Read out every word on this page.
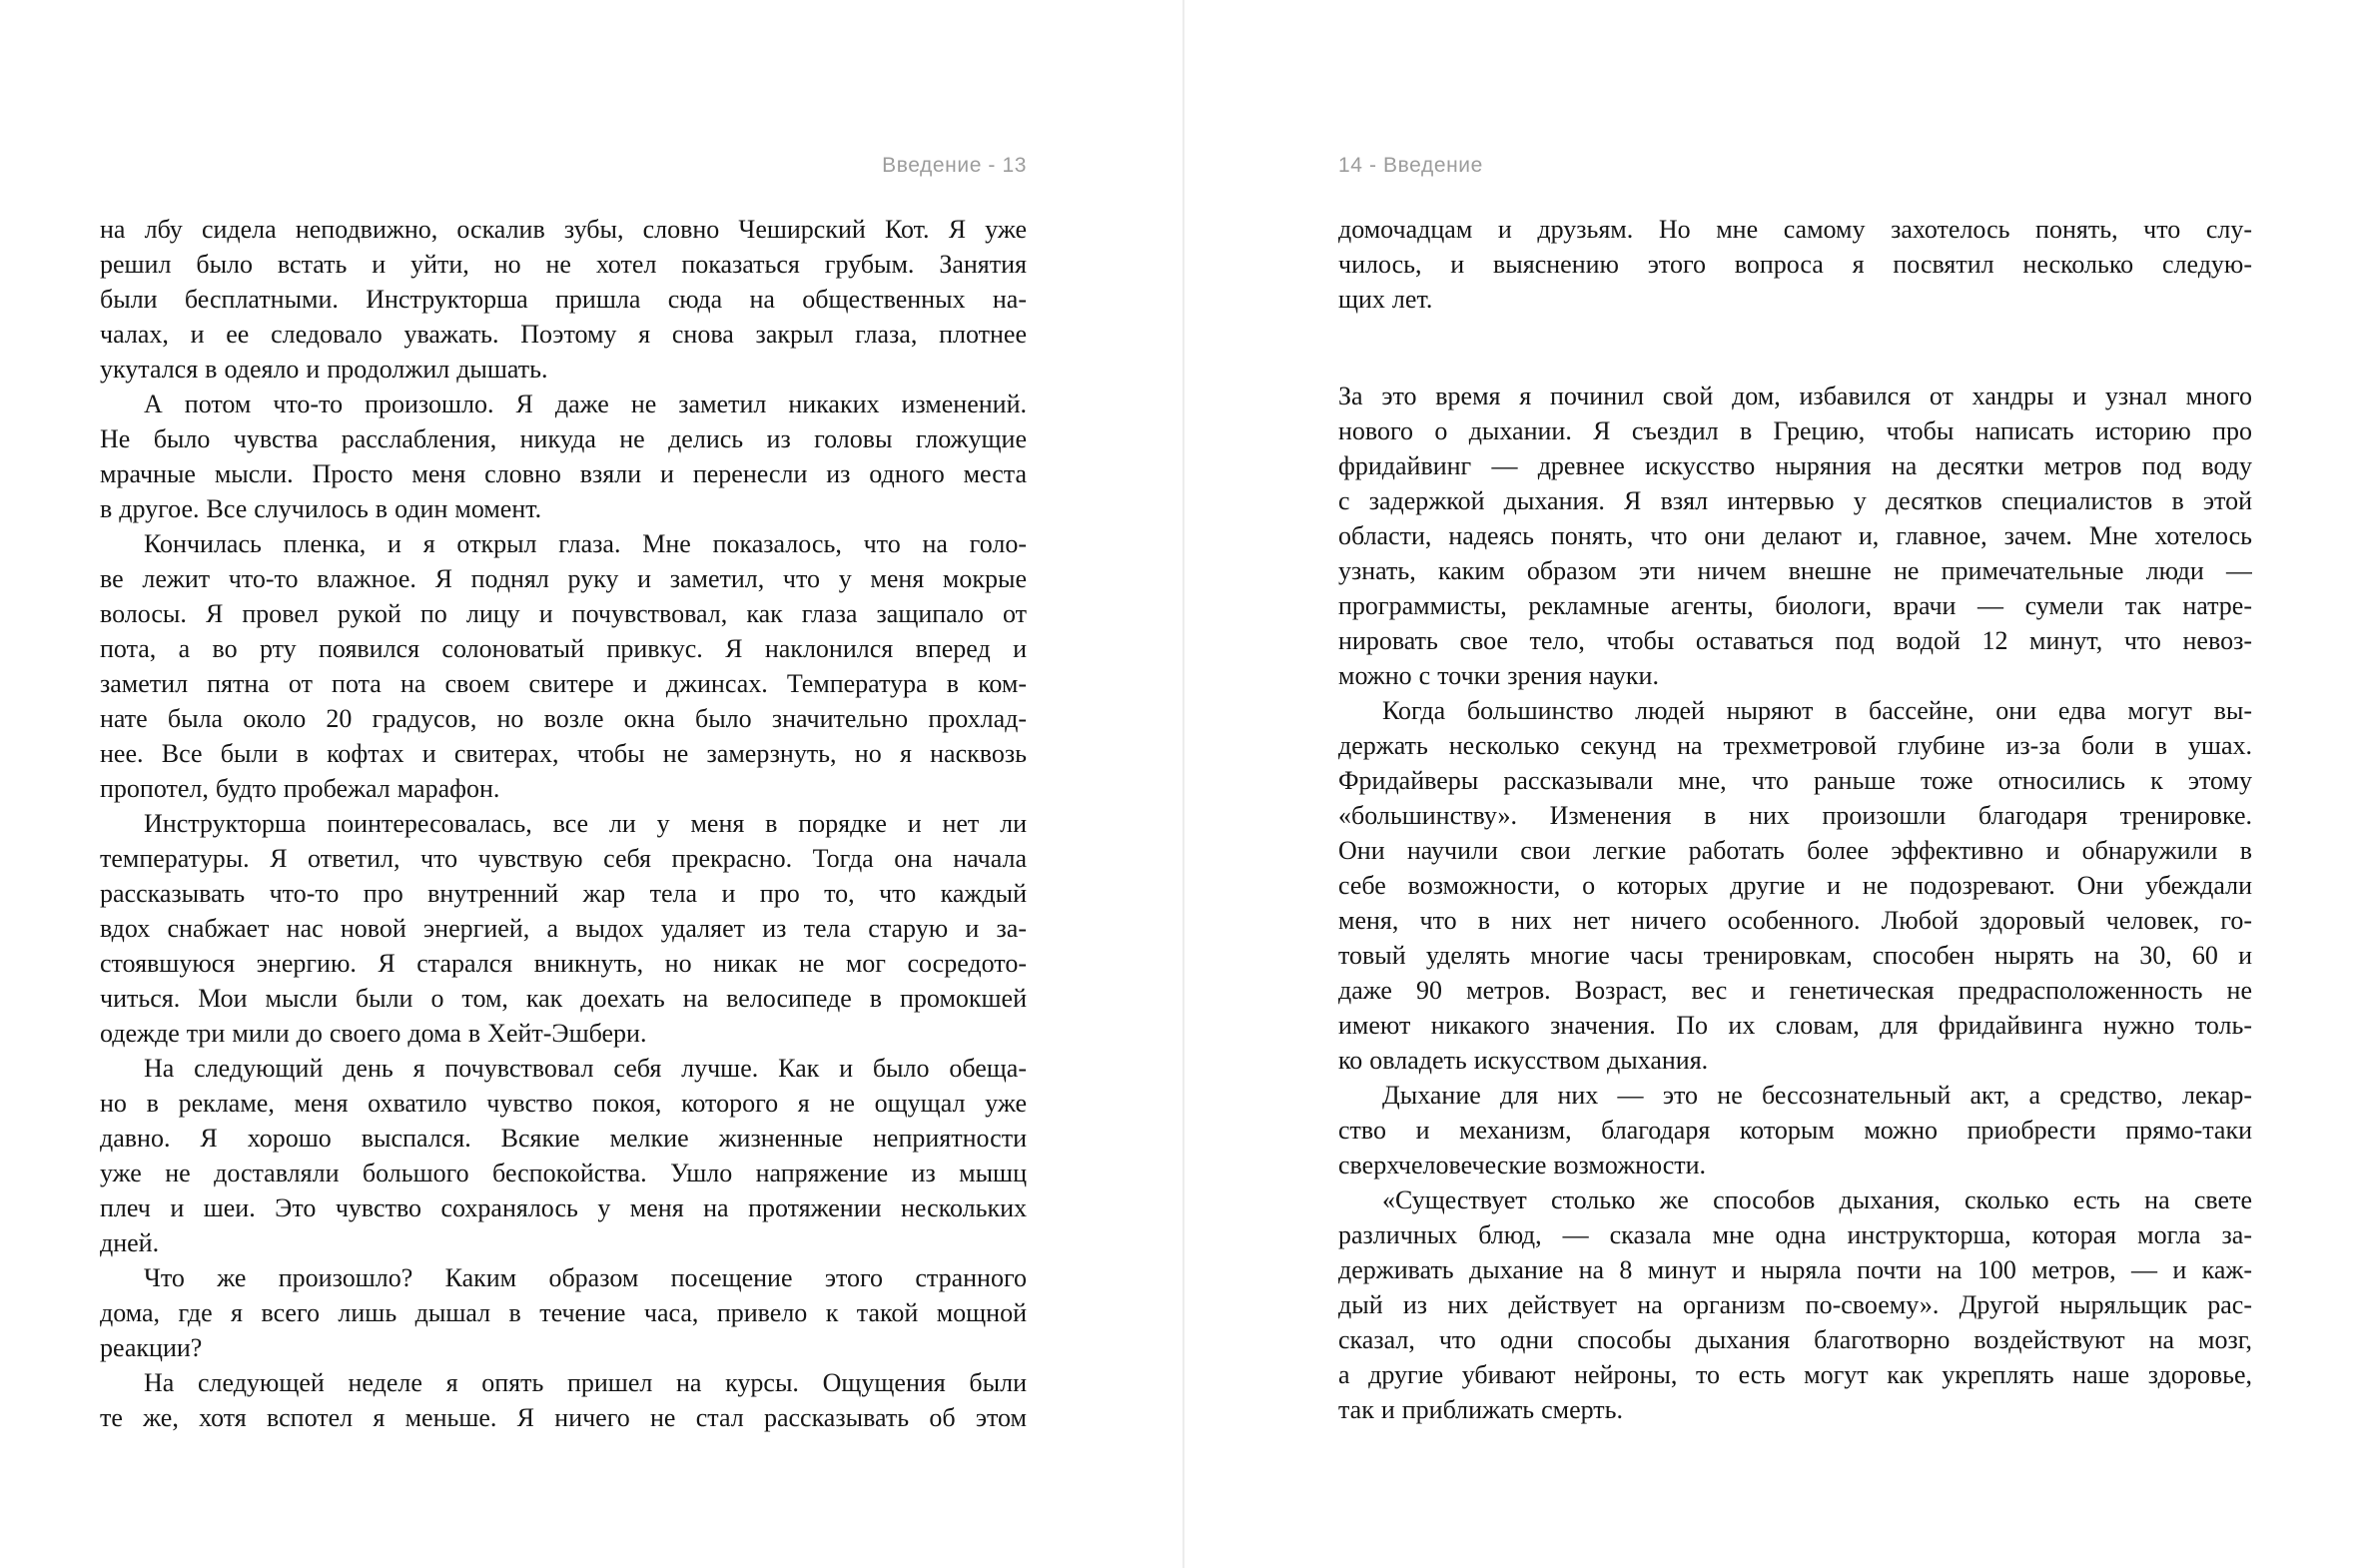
Введение - 13
на лбу сидела неподвижно, оскалив зубы, словно Чеширский Кот. Я уже
решил было встать и уйти, но не хотел показаться грубым. Занятия
были бесплатными. Инструкторша пришла сюда на общественных на-
чалах, и ее следовало уважать. Поэтому я снова закрыл глаза, плотнее
укутался в одеяло и продолжил дышать.
А потом что-то произошло. Я даже не заметил никаких изменений.
Не было чувства расслабления, никуда не делись из головы гложущие
мрачные мысли. Просто меня словно взяли и перенесли из одного места
в другое. Все случилось в один момент.
Кончилась пленка, и я открыл глаза. Мне показалось, что на голо-
ве лежит что-то влажное. Я поднял руку и заметил, что у меня мокрые
волосы. Я провел рукой по лицу и почувствовал, как глаза защипало от
пота, а во рту появился солоноватый привкус. Я наклонился вперед и
заметил пятна от пота на своем свитере и джинсах. Температура в ком-
нате была около 20 градусов, но возле окна было значительно прохлад-
нее. Все были в кофтах и свитерах, чтобы не замерзнуть, но я насквозь
пропотел, будто пробежал марафон.
Инструкторша поинтересовалась, все ли у меня в порядке и нет ли
температуры. Я ответил, что чувствую себя прекрасно. Тогда она начала
рассказывать что-то про внутренний жар тела и про то, что каждый
вдох снабжает нас новой энергией, а выдох удаляет из тела старую и за-
стоявшуюся энергию. Я старался вникнуть, но никак не мог сосредото-
читься. Мои мысли были о том, как доехать на велосипеде в промокшей
одежде три мили до своего дома в Хейт-Эшбери.
На следующий день я почувствовал себя лучше. Как и было обеща-
но в рекламе, меня охватило чувство покоя, которого я не ощущал уже
давно. Я хорошо выспался. Всякие мелкие жизненные неприятности
уже не доставляли большого беспокойства. Ушло напряжение из мышц
плеч и шеи. Это чувство сохранялось у меня на протяжении нескольких
дней.
Что же произошло? Каким образом посещение этого странного
дома, где я всего лишь дышал в течение часа, привело к такой мощной
реакции?
На следующей неделе я опять пришел на курсы. Ощущения были
те же, хотя вспотел я меньше. Я ничего не стал рассказывать об этом
14 - Введение
домочадцам и друзьям. Но мне самому захотелось понять, что слу-
чилось, и выяснению этого вопроса я посвятил несколько следую-
щих лет.
За это время я починил свой дом, избавился от хандры и узнал много
нового о дыхании. Я съездил в Грецию, чтобы написать историю про
фридайвинг — древнее искусство ныряния на десятки метров под воду
с задержкой дыхания. Я взял интервью у десятков специалистов в этой
области, надеясь понять, что они делают и, главное, зачем. Мне хотелось
узнать, каким образом эти ничем внешне не примечательные люди —
программисты, рекламные агенты, биологи, врачи — сумели так натре-
нировать свое тело, чтобы оставаться под водой 12 минут, что невоз-
можно с точки зрения науки.
Когда большинство людей ныряют в бассейне, они едва могут вы-
держать несколько секунд на трехметровой глубине из-за боли в ушах.
Фридайверы рассказывали мне, что раньше тоже относились к этому
«большинству». Изменения в них произошли благодаря тренировке.
Они научили свои легкие работать более эффективно и обнаружили в
себе возможности, о которых другие и не подозревают. Они убеждали
меня, что в них нет ничего особенного. Любой здоровый человек, го-
товый уделять многие часы тренировкам, способен нырять на 30, 60 и
даже 90 метров. Возраст, вес и генетическая предрасположенность не
имеют никакого значения. По их словам, для фридайвинга нужно толь-
ко овладеть искусством дыхания.
Дыхание для них — это не бессознательный акт, а средство, лекар-
ство и механизм, благодаря которым можно приобрести прямо-таки
сверхчеловеческие возможности.
«Существует столько же способов дыхания, сколько есть на свете
различных блюд, — сказала мне одна инструкторша, которая могла за-
держивать дыхание на 8 минут и ныряла почти на 100 метров, — и каж-
дый из них действует на организм по-своему». Другой ныряльщик рас-
сказал, что одни способы дыхания благотворно воздействуют на мозг,
а другие убивают нейроны, то есть могут как укреплять наше здоровье,
так и приближать смерть.
